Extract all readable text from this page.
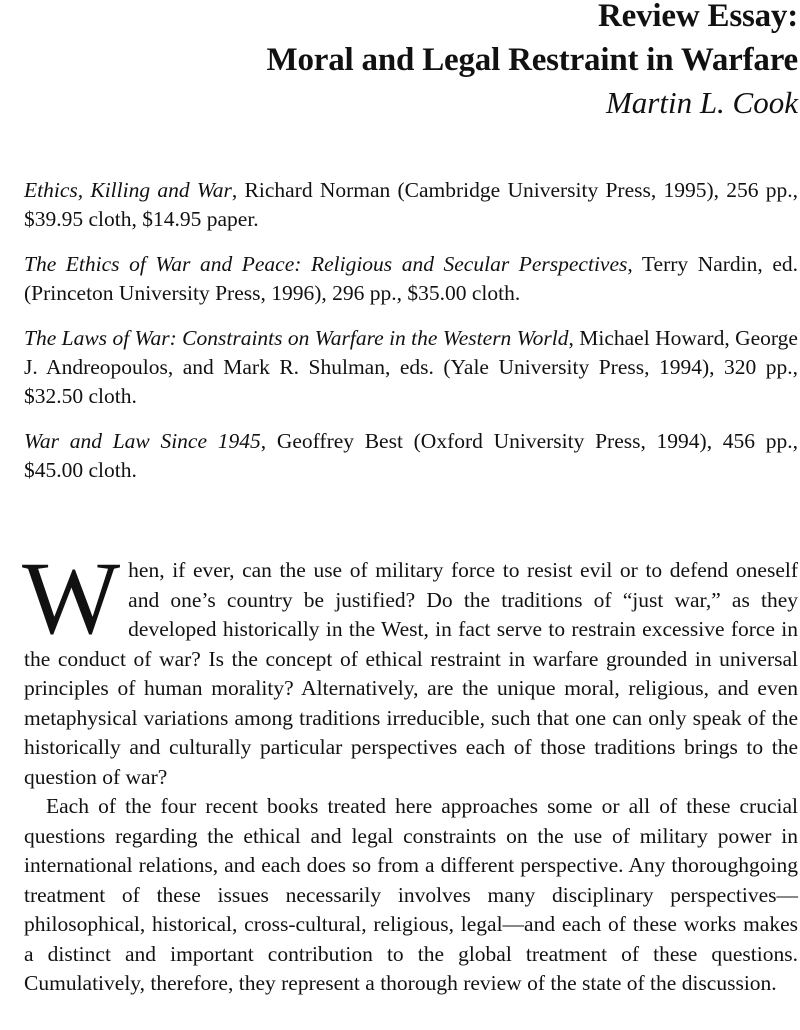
Review Essay:
Moral and Legal Restraint in Warfare
Martin L. Cook

Ethics, Killing and War, Richard Norman (Cambridge University Press, 1995), 256 pp., $39.95 cloth, $14.95 paper.

The Ethics of War and Peace: Religious and Secular Perspectives, Terry Nardin, ed. (Princeton University Press, 1996), 296 pp., $35.00 cloth.

The Laws of War: Constraints on Warfare in the Western World, Michael Howard, George J. Andreopoulos, and Mark R. Shulman, eds. (Yale University Press, 1994), 320 pp., $32.50 cloth.

War and Law Since 1945, Geoffrey Best (Oxford University Press, 1994), 456 pp., $45.00 cloth.

When, if ever, can the use of military force to resist evil or to defend oneself and one’s country be justified? Do the traditions of “just war,” as they developed historically in the West, in fact serve to restrain excessive force in the conduct of war? Is the concept of ethical restraint in warfare grounded in universal principles of human morality? Alternatively, are the unique moral, religious, and even metaphysical variations among traditions irreducible, such that one can only speak of the historically and culturally particular perspectives each of those traditions brings to the question of war?

Each of the four recent books treated here approaches some or all of these crucial questions regarding the ethical and legal constraints on the use of military power in international relations, and each does so from a different perspective. Any thoroughgoing treatment of these issues necessarily involves many disciplinary perspectives—philosophical, historical, cross-cultural, religious, legal—and each of these works makes a distinct and important contribution to the global treatment of these questions. Cumulatively, therefore, they represent a thorough review of the state of the discussion.
